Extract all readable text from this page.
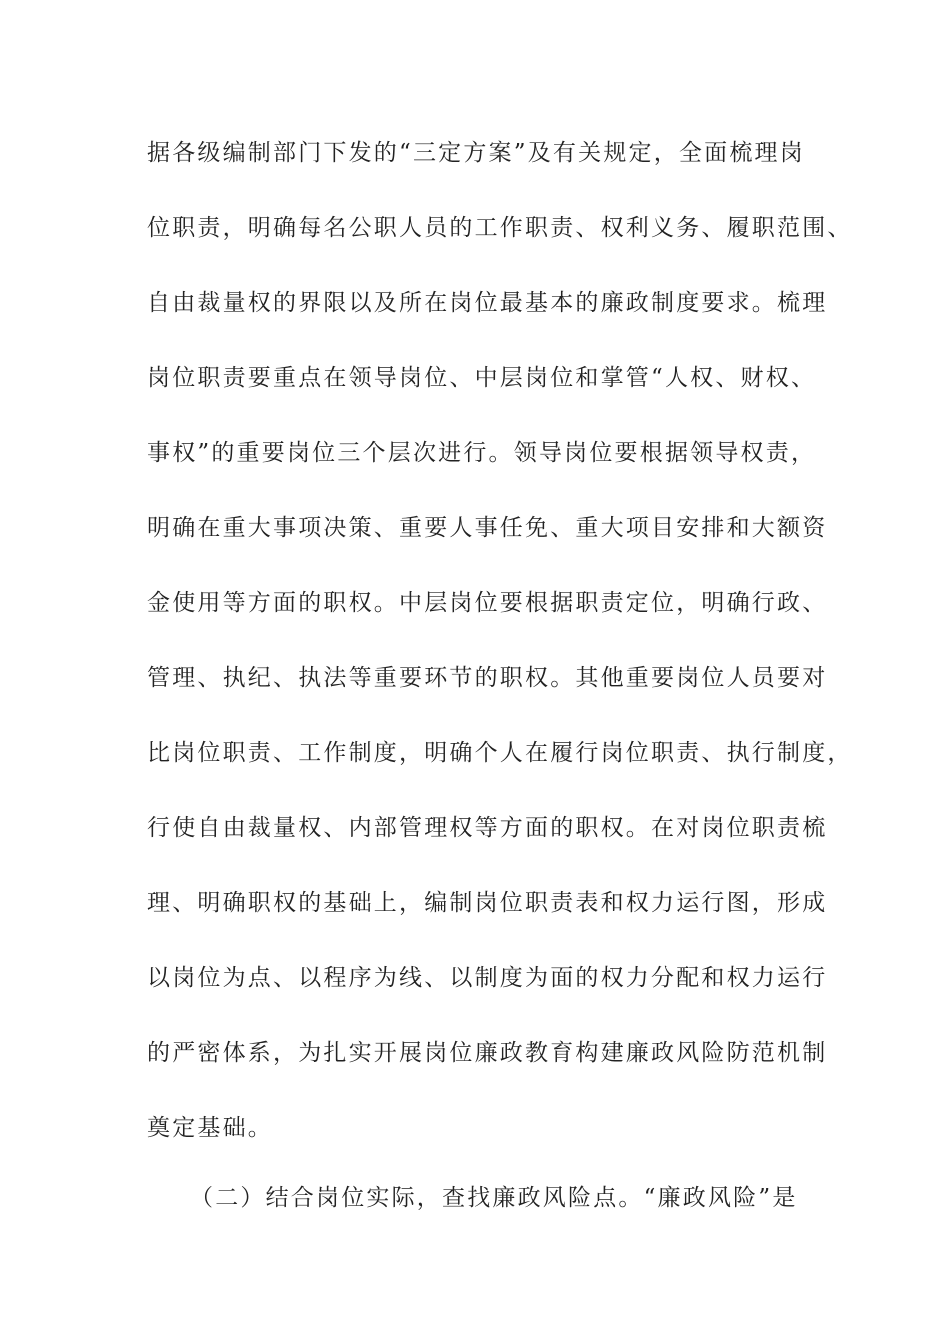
据各级编制部门下发的“三定方案”及有关规定，全面梳理岗
位职责，明确每名公职人员的工作职责、权利义务、履职范围、
自由裁量权的界限以及所在岗位最基本的廉政制度要求。梳理
岗位职责要重点在领导岗位、中层岗位和掌管“人权、财权、
事权”的重要岗位三个层次进行。领导岗位要根据领导权责，
明确在重大事项决策、重要人事任免、重大项目安排和大额资
金使用等方面的职权。中层岗位要根据职责定位，明确行政、
管理、执纪、执法等重要环节的职权。其他重要岗位人员要对
比岗位职责、工作制度，明确个人在履行岗位职责、执行制度，
行使自由裁量权、内部管理权等方面的职权。在对岗位职责梳
理、明确职权的基础上，编制岗位职责表和权力运行图，形成
以岗位为点、以程序为线、以制度为面的权力分配和权力运行
的严密体系，为扎实开展岗位廉政教育构建廉政风险防范机制
奠定基础。
（二）结合岗位实际，查找廉政风险点。“廉政风险”是
